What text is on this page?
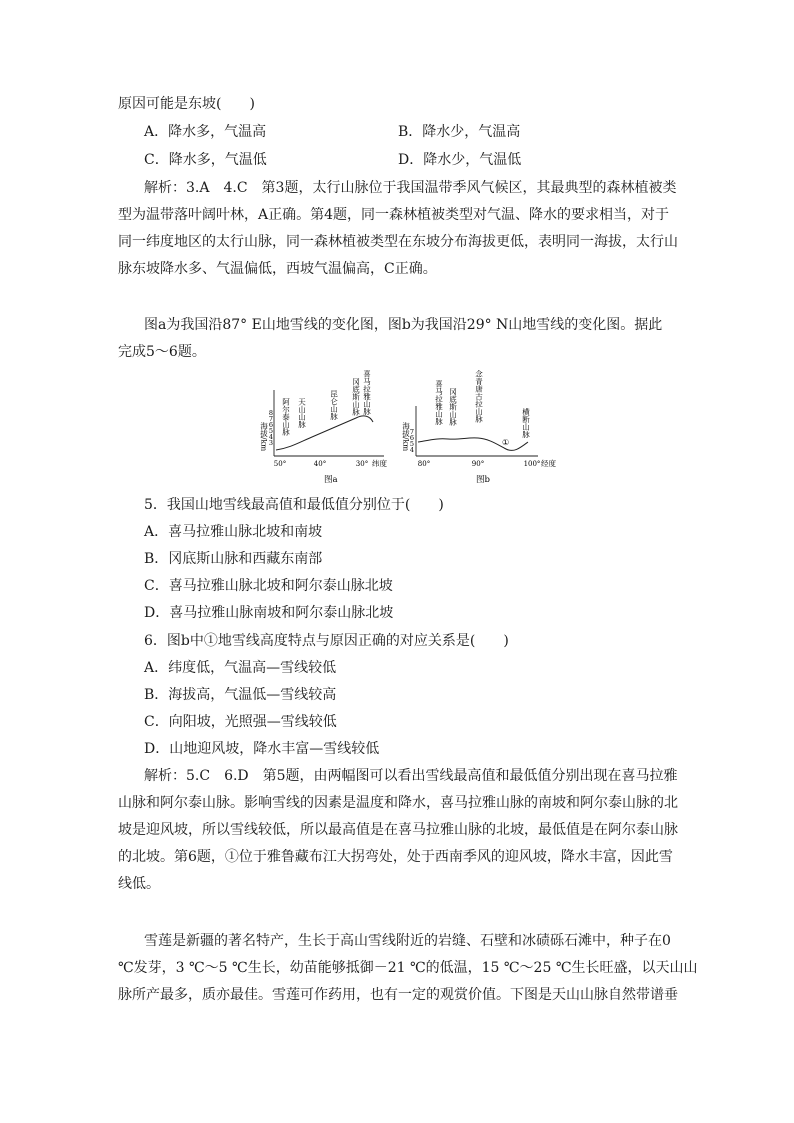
原因可能是东坡(　　)
A．降水多，气温高	B．降水少，气温高
C．降水多，气温低	D．降水少，气温低
解析：3.A　4.C　第3题，太行山脉位于我国温带季风气候区，其最典型的森林植被类
型为温带落叶阔叶林，A正确。第4题，同一森林植被类型对气温、降水的要求相当，对于
同一纬度地区的太行山脉，同一森林植被类型在东坡分布海拔更低，表明同一海拔，太行山
脉东坡降水多、气温偏低，西坡气温偏高，C正确。
图a为我国沿87° E山地雪线的变化图，图b为我国沿29° N山地雪线的变化图。据此
完成5～6题。
海拔/km
8
7
6
5
4
3
50°	40°	30° 纬度
阿尔泰山脉 天山山脉	昆仑山脉 冈底斯山脉 喜马拉雅山脉
图a
海拔/km 7
6
5
4
80°	90°	100° 经度
喜马拉雅山脉 冈底斯山脉 念青唐古拉山脉
横断山脉
①
图b
5．我国山地雪线最高值和最低值分别位于(　　)
A．喜马拉雅山脉北坡和南坡
B．冈底斯山脉和西藏东南部
C．喜马拉雅山脉北坡和阿尔泰山脉北坡
D．喜马拉雅山脉南坡和阿尔泰山脉北坡
6．图b中①地雪线高度特点与原因正确的对应关系是(　　)
A．纬度低，气温高—雪线较低
B．海拔高，气温低—雪线较高
C．向阳坡，光照强—雪线较低
D．山地迎风坡，降水丰富—雪线较低
解析：5.C　6.D　第5题，由两幅图可以看出雪线最高值和最低值分别出现在喜马拉雅
山脉和阿尔泰山脉。影响雪线的因素是温度和降水，喜马拉雅山脉的南坡和阿尔泰山脉的北
坡是迎风坡，所以雪线较低，所以最高值是在喜马拉雅山脉的北坡，最低值是在阿尔泰山脉
的北坡。第6题，①位于雅鲁藏布江大拐弯处，处于西南季风的迎风坡，降水丰富，因此雪
线低。
雪莲是新疆的著名特产，生长于高山雪线附近的岩缝、石壁和冰碛砾石滩中，种子在0
℃发芽，3 ℃～5 ℃生长，幼苗能够抵御－21 ℃的低温，15 ℃～25 ℃生长旺盛，以天山山
脉所产最多，质亦最佳。雪莲可作药用，也有一定的观赏价值。下图是天山山脉自然带谱垂
